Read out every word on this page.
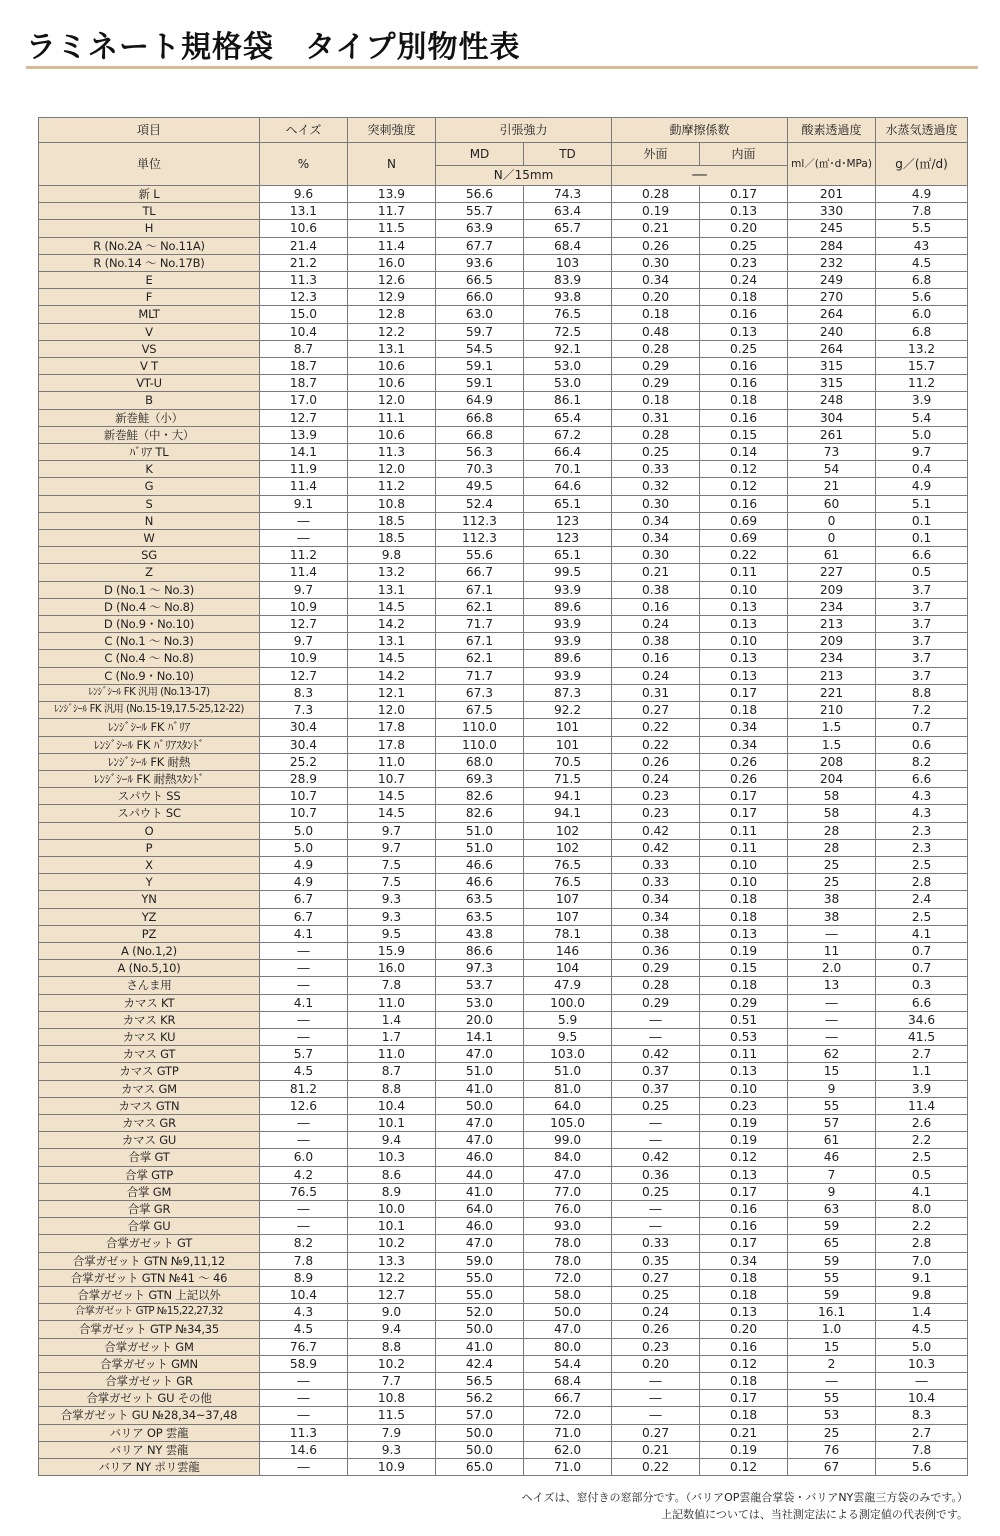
ラミネート規格袋　タイプ別物性表
項目	ヘイズ	突刺強度	引張強力		動摩擦係数		酸素透過度	水蒸気透過度
単位	%	N	MD	TD	外面	内面	ml／(㎡･d･MPa)	g／(㎡/d)
			N／15mm		──			
新 L	9.6	13.9	56.6	74.3	0.28	0.17	201	4.9
TL	13.1	11.7	55.7	63.4	0.19	0.13	330	7.8
H	10.6	11.5	63.9	65.7	0.21	0.20	245	5.5
R (No.2A ～ No.11A)	21.4	11.4	67.7	68.4	0.26	0.25	284	43
R (No.14 ～ No.17B)	21.2	16.0	93.6	103	0.30	0.23	232	4.5
E	11.3	12.6	66.5	83.9	0.34	0.24	249	6.8
F	12.3	12.9	66.0	93.8	0.20	0.18	270	5.6
MLT	15.0	12.8	63.0	76.5	0.18	0.16	264	6.0
V	10.4	12.2	59.7	72.5	0.48	0.13	240	6.8
VS	8.7	13.1	54.5	92.1	0.28	0.25	264	13.2
V T	18.7	10.6	59.1	53.0	0.29	0.16	315	15.7
VT-U	18.7	10.6	59.1	53.0	0.29	0.16	315	11.2
B	17.0	12.0	64.9	86.1	0.18	0.18	248	3.9
新巻鮭（小）	12.7	11.1	66.8	65.4	0.31	0.16	304	5.4
新巻鮭（中・大）	13.9	10.6	66.8	67.2	0.28	0.15	261	5.0
ﾊﾞﾘｱ TL	14.1	11.3	56.3	66.4	0.25	0.14	73	9.7
K	11.9	12.0	70.3	70.1	0.33	0.12	54	0.4
G	11.4	11.2	49.5	64.6	0.32	0.12	21	4.9
S	9.1	10.8	52.4	65.1	0.30	0.16	60	5.1
N	―	18.5	112.3	123	0.34	0.69	0	0.1
W	―	18.5	112.3	123	0.34	0.69	0	0.1
SG	11.2	9.8	55.6	65.1	0.30	0.22	61	6.6
Z	11.4	13.2	66.7	99.5	0.21	0.11	227	0.5
D (No.1 ～ No.3)	9.7	13.1	67.1	93.9	0.38	0.10	209	3.7
D (No.4 ～ No.8)	10.9	14.5	62.1	89.6	0.16	0.13	234	3.7
D (No.9・No.10)	12.7	14.2	71.7	93.9	0.24	0.13	213	3.7
C (No.1 ～ No.3)	9.7	13.1	67.1	93.9	0.38	0.10	209	3.7
C (No.4 ～ No.8)	10.9	14.5	62.1	89.6	0.16	0.13	234	3.7
C (No.9・No.10)	12.7	14.2	71.7	93.9	0.24	0.13	213	3.7
ﾚﾝｼﾞｼｰﾙ FK 汎用 (No.13-17)	8.3	12.1	67.3	87.3	0.31	0.17	221	8.8
ﾚﾝｼﾞｼｰﾙ FK 汎用 (No.15-19,17.5-25,12-22)	7.3	12.0	67.5	92.2	0.27	0.18	210	7.2
ﾚﾝｼﾞｼｰﾙ FK ﾊﾞﾘｱ	30.4	17.8	110.0	101	0.22	0.34	1.5	0.7
ﾚﾝｼﾞｼｰﾙ FK ﾊﾞﾘｱｽﾀﾝﾄﾞ	30.4	17.8	110.0	101	0.22	0.34	1.5	0.6
ﾚﾝｼﾞｼｰﾙ FK 耐熱	25.2	11.0	68.0	70.5	0.26	0.26	208	8.2
ﾚﾝｼﾞｼｰﾙ FK 耐熱ｽﾀﾝﾄﾞ	28.9	10.7	69.3	71.5	0.24	0.26	204	6.6
スパウト SS	10.7	14.5	82.6	94.1	0.23	0.17	58	4.3
スパウト SC	10.7	14.5	82.6	94.1	0.23	0.17	58	4.3
O	5.0	9.7	51.0	102	0.42	0.11	28	2.3
P	5.0	9.7	51.0	102	0.42	0.11	28	2.3
X	4.9	7.5	46.6	76.5	0.33	0.10	25	2.5
Y	4.9	7.5	46.6	76.5	0.33	0.10	25	2.8
YN	6.7	9.3	63.5	107	0.34	0.18	38	2.4
YZ	6.7	9.3	63.5	107	0.34	0.18	38	2.5
PZ	4.1	9.5	43.8	78.1	0.38	0.13	―	4.1
A (No.1,2)	―	15.9	86.6	146	0.36	0.19	11	0.7
A (No.5,10)	―	16.0	97.3	104	0.29	0.15	2.0	0.7
さんま用	―	7.8	53.7	47.9	0.28	0.18	13	0.3
カマス KT	4.1	11.0	53.0	100.0	0.29	0.29	―	6.6
カマス KR	―	1.4	20.0	5.9	―	0.51	―	34.6
カマス KU	―	1.7	14.1	9.5	―	0.53	―	41.5
カマス GT	5.7	11.0	47.0	103.0	0.42	0.11	62	2.7
カマス GTP	4.5	8.7	51.0	51.0	0.37	0.13	15	1.1
カマス GM	81.2	8.8	41.0	81.0	0.37	0.10	9	3.9
カマス GTN	12.6	10.4	50.0	64.0	0.25	0.23	55	11.4
カマス GR	―	10.1	47.0	105.0	―	0.19	57	2.6
カマス GU	―	9.4	47.0	99.0	―	0.19	61	2.2
合掌 GT	6.0	10.3	46.0	84.0	0.42	0.12	46	2.5
合掌 GTP	4.2	8.6	44.0	47.0	0.36	0.13	7	0.5
合掌 GM	76.5	8.9	41.0	77.0	0.25	0.17	9	4.1
合掌 GR	―	10.0	64.0	76.0	―	0.16	63	8.0
合掌 GU	―	10.1	46.0	93.0	―	0.16	59	2.2
合掌ガゼット GT	8.2	10.2	47.0	78.0	0.33	0.17	65	2.8
合掌ガゼット GTN №9,11,12	7.8	13.3	59.0	78.0	0.35	0.34	59	7.0
合掌ガゼット GTN №41 ～ 46	8.9	12.2	55.0	72.0	0.27	0.18	55	9.1
合掌ガゼット GTN 上記以外	10.4	12.7	55.0	58.0	0.25	0.18	59	9.8
合掌ガゼット GTP №15,22,27,32	4.3	9.0	52.0	50.0	0.24	0.13	16.1	1.4
合掌ガゼット GTP №34,35	4.5	9.4	50.0	47.0	0.26	0.20	1.0	4.5
合掌ガゼット GM	76.7	8.8	41.0	80.0	0.23	0.16	15	5.0
合掌ガゼット GMN	58.9	10.2	42.4	54.4	0.20	0.12	2	10.3
合掌ガゼット GR	―	7.7	56.5	68.4	―	0.18	―	―
合掌ガゼット GU その他	―	10.8	56.2	66.7	―	0.17	55	10.4
合掌ガゼット GU №28,34~37,48	―	11.5	57.0	72.0	―	0.18	53	8.3
バリア OP 雲龍	11.3	7.9	50.0	71.0	0.27	0.21	25	2.7
バリア NY 雲龍	14.6	9.3	50.0	62.0	0.21	0.19	76	7.8
バリア NY ポリ雲龍	―	10.9	65.0	71.0	0.22	0.12	67	5.6

ヘイズは、窓付きの窓部分です。（バリアOP雲龍合掌袋・バリアNY雲龍三方袋のみです。）

上記数値については、当社測定法による測定値の代表例です。
